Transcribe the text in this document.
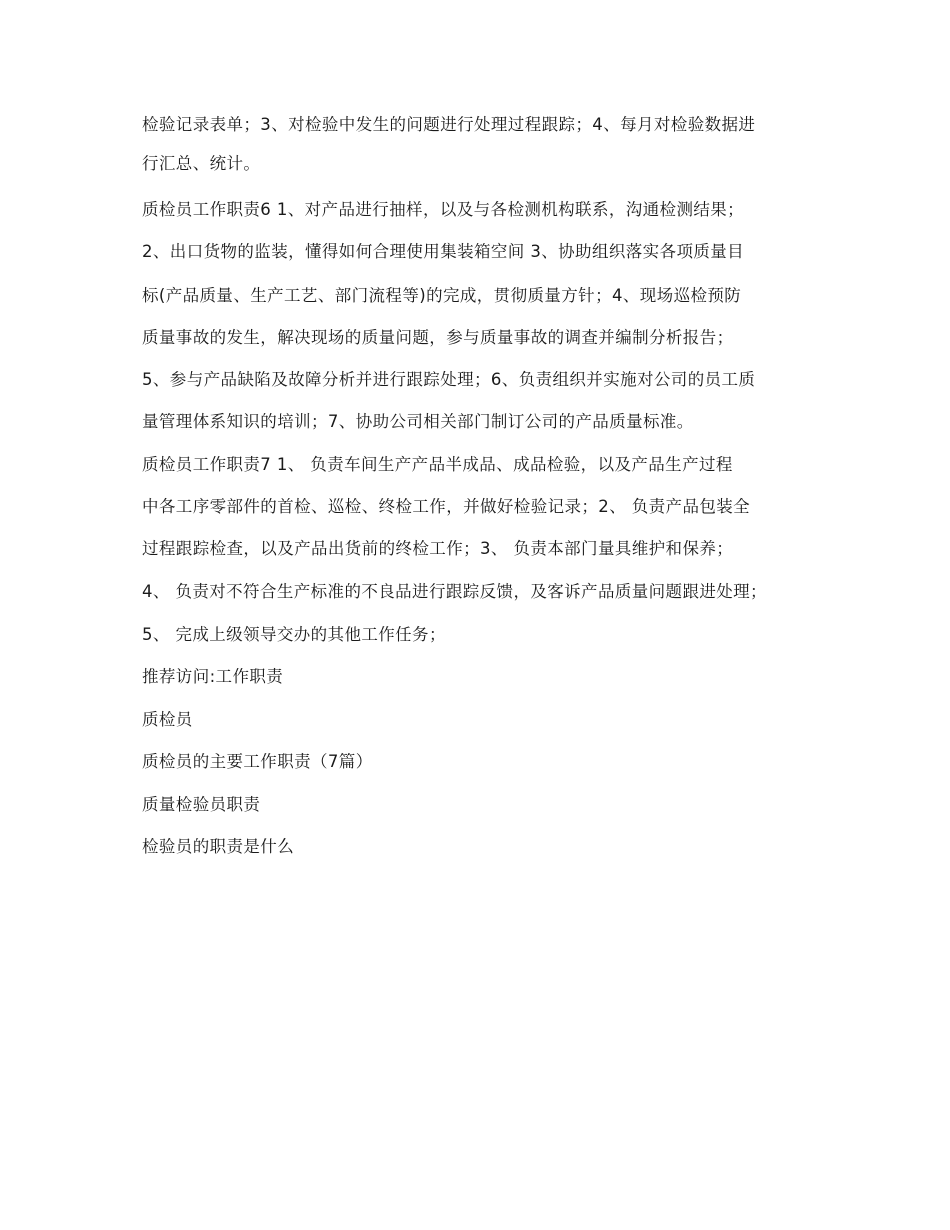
检验记录表单；3、对检验中发生的问题进行处理过程跟踪；4、每月对检验数据进
行汇总、统计。
质检员工作职责6 1、对产品进行抽样，以及与各检测机构联系，沟通检测结果；
2、出口货物的监装，懂得如何合理使用集装箱空间 3、协助组织落实各项质量目
标(产品质量、生产工艺、部门流程等)的完成，贯彻质量方针；4、现场巡检预防
质量事故的发生，解决现场的质量问题，参与质量事故的调查并编制分析报告；
5、参与产品缺陷及故障分析并进行跟踪处理；6、负责组织并实施对公司的员工质
量管理体系知识的培训；7、协助公司相关部门制订公司的产品质量标准。
质检员工作职责7 1、 负责车间生产产品半成品、成品检验，以及产品生产过程
中各工序零部件的首检、巡检、终检工作，并做好检验记录；2、 负责产品包装全
过程跟踪检查，以及产品出货前的终检工作；3、 负责本部门量具维护和保养；
4、 负责对不符合生产标准的不良品进行跟踪反馈，及客诉产品质量问题跟进处理；
5、 完成上级领导交办的其他工作任务；
推荐访问:工作职责
质检员
质检员的主要工作职责（7篇）
质量检验员职责
检验员的职责是什么
